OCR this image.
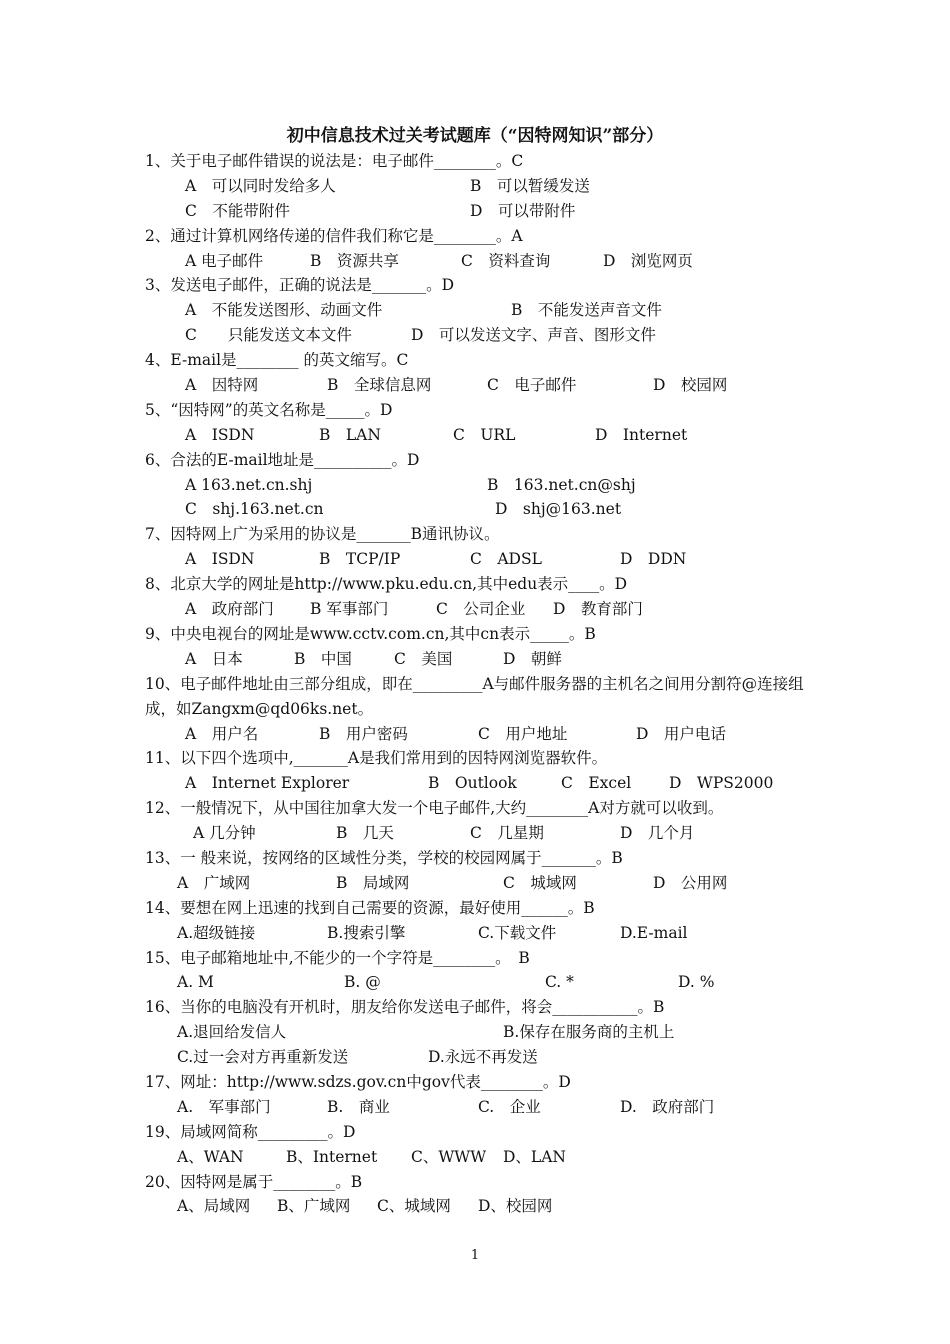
初中信息技术过关考试题库（“因特网知识”部分）
1、关于电子邮件错误的说法是：电子邮件________。C
A　可以同时发给多人	B　可以暂缓发送
C　不能带附件	D　可以带附件
2、通过计算机网络传递的信件我们称它是________。A
A 电子邮件	B　资源共享	C　资料查询	D　浏览网页
3、发送电子邮件，正确的说法是_______。D
A　不能发送图形、动画文件	B　不能发送声音文件
C　　只能发送文本文件	D　可以发送文字、声音、图形文件
4、E-mail是________ 的英文缩写。C
A　因特网	B　全球信息网	C　电子邮件	D　校园网
5、“因特网”的英文名称是_____。D
A　ISDN	B　LAN	C　URL	D　Internet
6、合法的E-mail地址是__________。D
A 163.net.cn.shj	B　163.net.cn@shj
C　shj.163.net.cn	D　shj@163.net
7、因特网上广为采用的协议是_______B通讯协议。
A　ISDN	B　TCP/IP	C　ADSL	D　DDN
8、北京大学的网址是http://www.pku.edu.cn,其中edu表示____。D
A　政府部门 B 军事部门	C　公司企业 D　教育部门
9、中央电视台的网址是www.cctv.com.cn,其中cn表示_____。B
A　日本	B　中国	C　美国	D　朝鲜
10、电子邮件地址由三部分组成，即在_________A与邮件服务器的主机名之间用分割符@连接组成，如Zangxm@qd06ks.net。
A　用户名	B　用户密码	C　用户地址	D　用户电话
11、以下四个选项中,_______A是我们常用到的因特网浏览器软件。
A　Internet Explorer	B　Outlook	C　Excel D　WPS2000
12、一般情况下，从中国往加拿大发一个电子邮件,大约________A对方就可以收到。
A 几分钟	B　几天	C　几星期	D　几个月
13、一 般来说，按网络的区域性分类，学校的校园网属于_______。B
A　广域网	B　局域网	C　城域网	D　公用网
14、要想在网上迅速的找到自己需要的资源，最好使用______。B
A.超级链接	B.搜索引擎	C.下载文件	D.E-mail
15、电子邮箱地址中,不能少的一个字符是________。　B
A. M	B. @	C. *	D. %
16、当你的电脑没有开机时，朋友给你发送电子邮件，将会___________。B
A.退回给发信人	B.保存在服务商的主机上
C.过一会对方再重新发送	D.永远不再发送
17、网址：http://www.sdzs.gov.cn中gov代表________。D
A.　军事部门	B.　商业	C.　企业	D.　政府部门
19、局域网简称_________。D
A、WAN	B、Internet C、WWW D、LAN
20、因特网是属于________。B
A、局域网 B、广域网 C、城域网 D、校园网
1
